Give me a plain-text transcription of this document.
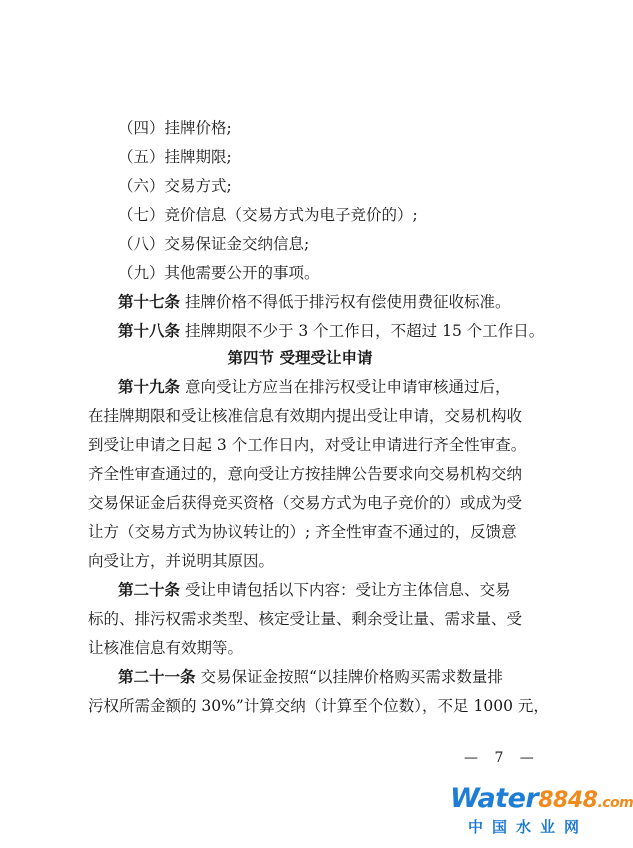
（四）挂牌价格;
（五）挂牌期限;
（六）交易方式;
（七）竞价信息（交易方式为电子竞价的）;
（八）交易保证金交纳信息;
（九）其他需要公开的事项。
第十七条 挂牌价格不得低于排污权有偿使用费征收标准。
第十八条 挂牌期限不少于 3 个工作日，不超过 15 个工作日。
第四节 受理受让申请
第十九条 意向受让方应当在排污权受让申请审核通过后，
在挂牌期限和受让核准信息有效期内提出受让申请，交易机构收
到受让申请之日起 3 个工作日内，对受让申请进行齐全性审查。
齐全性审查通过的，意向受让方按挂牌公告要求向交易机构交纳
交易保证金后获得竞买资格（交易方式为电子竞价的）或成为受
让方（交易方式为协议转让的）; 齐全性审查不通过的，反馈意
向受让方，并说明其原因。
第二十条 受让申请包括以下内容：受让方主体信息、交易
标的、排污权需求类型、核定受让量、剩余受让量、需求量、受
让核准信息有效期等。
第二十一条 交易保证金按照“以挂牌价格购买需求数量排
污权所需金额的 30%”计算交纳（计算至个位数），不足 1000 元，
— 7 —
Water8848.com
中国水业网
